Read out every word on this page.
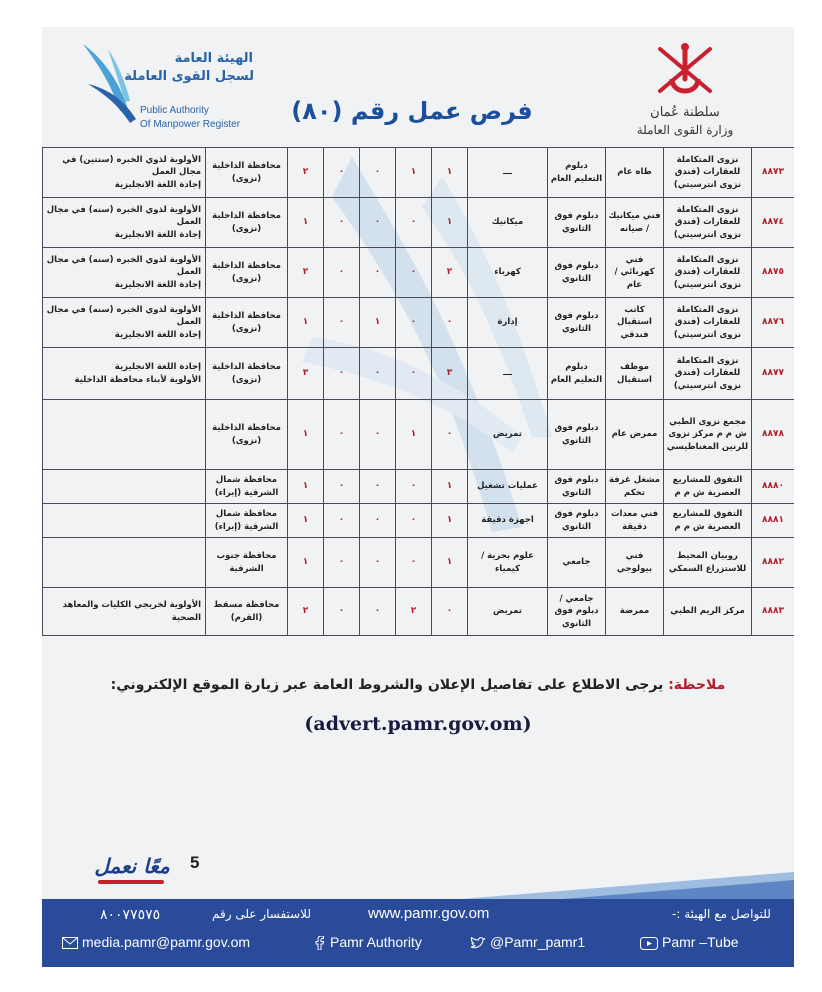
الهيئة العامة
لسجل القوى العاملة
Public Authority
Of Manpower Register	فرص عمل رقم (٨٠)	سلطنة عُمان
وزارة القوى العاملة
٨٨٧٣	نزوى المتكاملة للعقارات (فندق نزوى انترسيتي)	طاه عام	دبلوم التعليم العام	ـــ	١	١	٠	٠	٢	محافظة الداخلية (نزوى)	الأولوية لذوي الخبره (سنتين) في مجال العمل
إجادة اللغة الانجليزية
٨٨٧٤	نزوى المتكاملة للعقارات (فندق نزوى انترسيتي)	فني ميكانيك / صيانه	دبلوم فوق الثانوي	ميكانيك	١	٠	٠	٠	١	محافظة الداخلية (نزوى)	الأولوية لذوي الخبره (سنه) في مجال العمل
إجادة اللغة الانجليزية
٨٨٧٥	نزوى المتكاملة للعقارات (فندق نزوى انترسيتي)	فني كهربائي / عام	دبلوم فوق الثانوي	كهرباء	٢	٠	٠	٠	٢	محافظة الداخلية (نزوى)	الأولوية لذوي الخبره (سنه) في مجال العمل
إجادة اللغة الانجليزية
٨٨٧٦	نزوى المتكاملة للعقارات (فندق نزوى انترسيتي)	كاتب استقبال فندقي	دبلوم فوق الثانوي	إدارة	٠	٠	١	٠	١	محافظة الداخلية (نزوى)	الأولوية لذوي الخبره (سنه) في مجال العمل
إجادة اللغة الانجليزية
٨٨٧٧	نزوى المتكاملة للعقارات (فندق نزوى انترسيتي)	موظف استقبال	دبلوم التعليم العام	ـــ	٣	٠	٠	٠	٣	محافظة الداخلية (نزوى)	إجادة اللغة الانجليزية
الأولوية لأبناء محافظة الداخلية
٨٨٧٨	مجمع نزوى الطبي ش م م مركز نزوى للرنين المغناطيسي	ممرض عام	دبلوم فوق الثانوي	تمريض	٠	١	٠	٠	١	محافظة الداخلية (نزوى)	
٨٨٨٠	التفوق للمشاريع العصرية ش م م	مشغل غرفة تحكم	دبلوم فوق الثانوي	عمليات تشغيل	١	٠	٠	٠	١	محافظة شمال الشرقية (إبراء)	
٨٨٨١	التفوق للمشاريع العصرية ش م م	فني معدات دقيقة	دبلوم فوق الثانوي	اجهزة دقيقة	١	٠	٠	٠	١	محافظة شمال الشرقية (إبراء)	
٨٨٨٢	روبيان المحيط للاستزراع السمكي	فني بيولوجي	جامعي	علوم بحرية / كيمياء	١	٠	٠	٠	١	محافظة جنوب الشرقية	
٨٨٨٣	مركز الريم الطبي	ممرضة	جامعي / دبلوم فوق الثانوي	تمريض	٠	٢	٠	٠	٢	محافظة مسقط (القرم)	الأولوية لخريجي الكليات والمعاهد الصحية
ملاحظة: يرجى الاطلاع على تفاصيل الإعلان والشروط العامة عبر زيارة الموقع الإلكتروني:
(advert.pamr.gov.om)
معًا نعمل 5
للتواصل مع الهيئة :-
www.pamr.gov.om
للاستفسار على رقم
٨٠٠٧٧٥٧٥
media.pamr@pamr.gov.om	Pamr Authority	@Pamr_pamr1	Pamr –Tube
